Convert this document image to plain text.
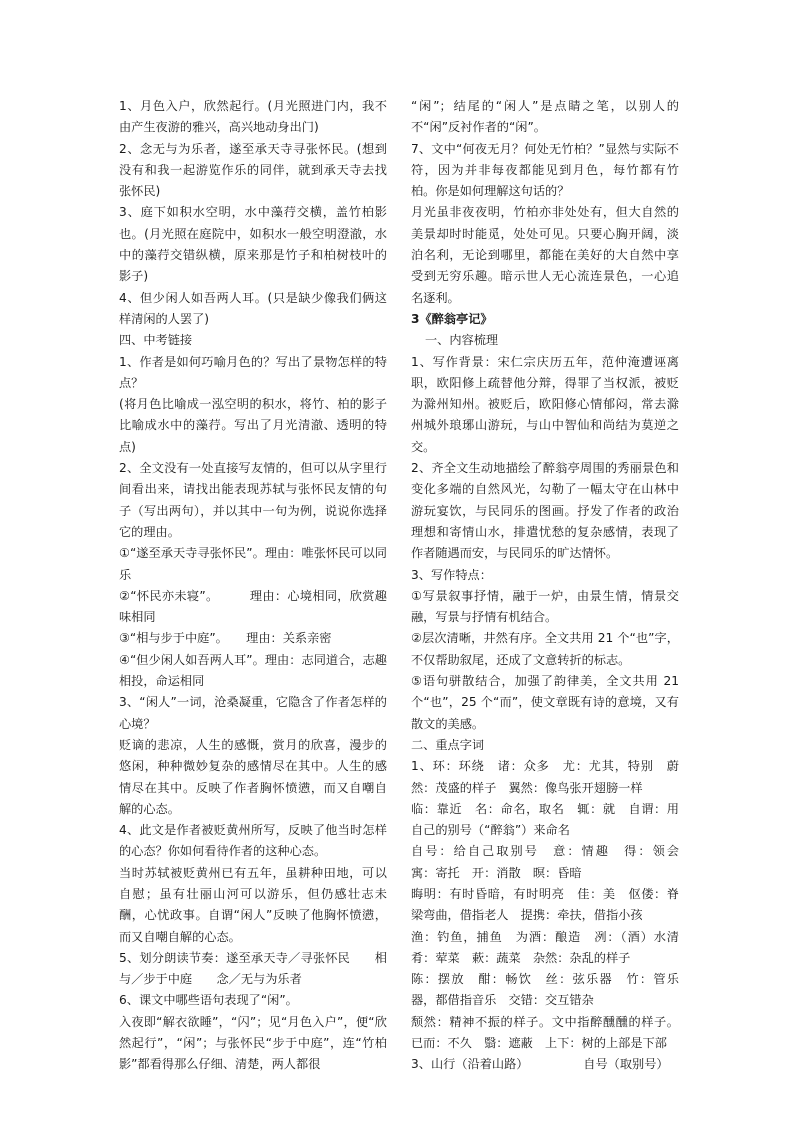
1、月色入户，欣然起行。(月光照进门内，我不由产生夜游的雅兴，高兴地动身出门)

2、念无与为乐者，遂至承天寺寻张怀民。(想到没有和我一起游览作乐的同伴，就到承天寺去找张怀民)

3、庭下如积水空明，水中藻荇交横，盖竹柏影也。(月光照在庭院中，如积水一般空明澄澈，水中的藻荇交错纵横，原来那是竹子和柏树枝叶的影子)

4、但少闲人如吾两人耳。(只是缺少像我们俩这样清闲的人罢了)

四、中考链接

1、作者是如何巧喻月色的？写出了景物怎样的特点？

(将月色比喻成一泓空明的积水，将竹、柏的影子比喻成水中的藻荇。写出了月光清澈、透明的特点)

2、全文没有一处直接写友情的，但可以从字里行间看出来，请找出能表现苏轼与张怀民友情的句子（写出两句），并以其中一句为例，说说你选择它的理由。

①“遂至承天寺寻张怀民”。理由：唯张怀民可以同乐

②“怀民亦未寝”。　　　理由：心境相同，欣赏趣味相同

③“相与步于中庭”。　　理由：关系亲密

④“但少闲人如吾两人耳”。理由：志同道合，志趣相投，命运相同

3、“闲人”一词，沧桑凝重，它隐含了作者怎样的心境？

贬谪的悲凉，人生的感慨，赏月的欣喜，漫步的悠闲，种种微妙复杂的感情尽在其中。人生的感情尽在其中。反映了作者胸怀愤懑，而又自嘲自解的心态。

4、此文是作者被贬黄州所写，反映了他当时怎样的心态？你如何看待作者的这种心态。

当时苏轼被贬黄州已有五年，虽耕种田地，可以自慰；虽有壮丽山河可以游乐，但仍感壮志未酬，心忧政事。自谓“闲人”反映了他胸怀愤懑，而又自嘲自解的心态。

5、划分朗读节奏：遂至承天寺／寻张怀民　　相与／步于中庭　　念／无与为乐者

6、课文中哪些语句表现了“闲”。

入夜即“解衣欲睡”，“闪”；见“月色入户”，便“欣然起行”，“闲”；与张怀民“步于中庭”，连“竹柏影”都看得那么仔细、清楚，两人都很

“闲”；结尾的“闲人”是点睛之笔，以别人的不“闲”反衬作者的“闲”。

7、文中“何夜无月？何处无竹柏？”显然与实际不符，因为并非每夜都能见到月色，每竹都有竹柏。你是如何理解这句话的？

月光虽非夜夜明，竹柏亦非处处有，但大自然的美景却时时能觅，处处可见。只要心胸开阔，淡泊名利，无论到哪里，都能在美好的大自然中享受到无穷乐趣。暗示世人无心流连景色，一心追名逐利。

3《醉翁亭记》

一、内容梳理

1、写作背景：宋仁宗庆历五年，范仲淹遭诬离职，欧阳修上疏替他分辩，得罪了当权派，被贬为滁州知州。被贬后，欧阳修心情郁闷，常去滁州城外琅琊山游玩，与山中智仙和尚结为莫逆之交。

2、齐全文生动地描绘了醉翁亭周围的秀丽景色和变化多端的自然风光，勾勒了一幅太守在山林中游玩宴饮，与民同乐的图画。抒发了作者的政治理想和寄情山水，排遣忧愁的复杂感情，表现了作者随遇而安，与民同乐的旷达情怀。

3、写作特点：

①写景叙事抒情，融于一炉，由景生情，情景交融，写景与抒情有机结合。

②层次清晰，井然有序。全文共用 21 个“也”字，不仅帮助叙尾，还成了文意转折的标志。

⑤语句骈散结合，加强了韵律美，全文共用 21 个“也”，25 个“而”，使文章既有诗的意境，又有散文的美感。

二、重点字词

1、环：环绕　诸：众多　尤：尤其，特别　蔚然：茂盛的样子　翼然：像鸟张开翅膀一样

临：靠近　名：命名，取名　辄：就　自谓：用自己的别号（“醉翁”）来命名

自号：给自己取别号　意：情趣　得：领会　寓：寄托　开：消散　暝：昏暗

晦明：有时昏暗，有时明亮　佳：美　伛偻：脊梁弯曲，借指老人　提携：牵扶，借指小孩

渔：钓鱼，捕鱼　为酒：酿造　冽：（酒）水清　肴：荤菜　蔌：蔬菜　杂然：杂乱的样子

陈：摆放　酣：畅饮　丝：弦乐器　竹：管乐器，都借指音乐　交错：交互错杂

颓然：精神不振的样子。文中指醉醺醺的样子。已而：不久　翳：遮蔽　上下：树的上部是下部

3、山行（沿着山路）　　　　　自号（取别号）
